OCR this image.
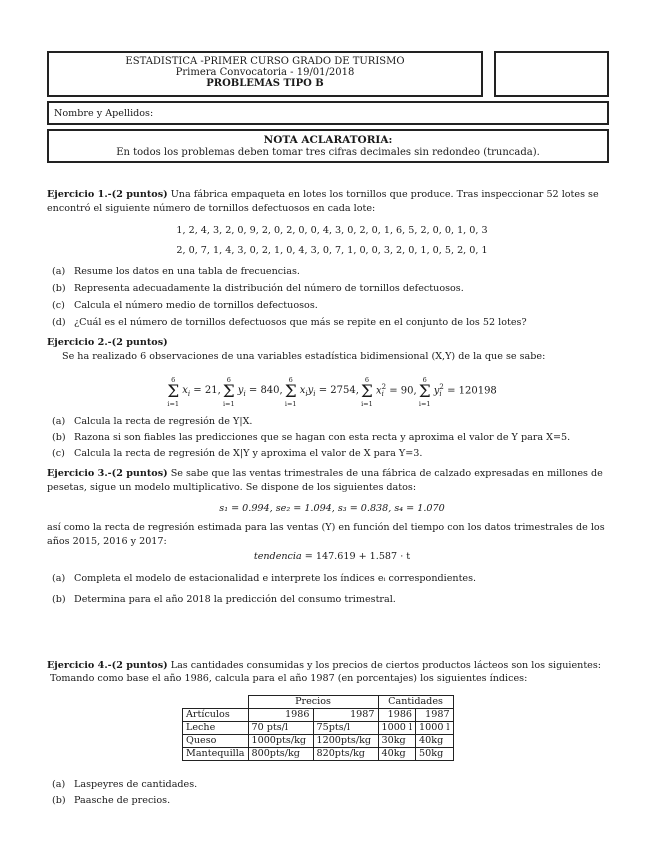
ESTADISTICA -PRIMER CURSO GRADO DE TURISMO
Primera Convocatoria - 19/01/2018
PROBLEMAS TIPO B
Nombre y Apellidos:
NOTA ACLARATORIA:
En todos los problemas deben tomar tres cifras decimales sin redondeo (truncada).
Ejercicio 1.-(2 puntos) Una fábrica empaqueta en lotes los tornillos que produce. Tras inspeccionar 52 lotes se
encontró el siguiente número de tornillos defectuosos en cada lote:
1, 2, 4, 3, 2, 0, 9, 2, 0, 2, 0, 0, 4, 3, 0, 2, 0, 1, 6, 5, 2, 0, 0, 1, 0, 3
2, 0, 7, 1, 4, 3, 0, 2, 1, 0, 4, 3, 0, 7, 1, 0, 0, 3, 2, 0, 1, 0, 5, 2, 0, 1
(a) Resume los datos en una tabla de frecuencias.
(b) Representa adecuadamente la distribución del número de tornillos defectuosos.
(c) Calcula el número medio de tornillos defectuosos.
(d) ¿Cuál es el número de tornillos defectuosos que más se repite en el conjunto de los 52 lotes?
Ejercicio 2.-(2 puntos)
Se ha realizado 6 observaciones de una variables estadística bidimensional (X,Y) de la que se sabe:
6
Σ
i=1
$x_i = 21$,
6
Σ
i=1
$y_i = 840$,
6
Σ
i=1
$x_iy_i = 2754$,
6
Σ
i=1
x 2
i = 90,
6
Σ
i=1
y 2
i = 120198
(a) Calcula la recta de regresión de Y|X.
(b) Razona si son fiables las predicciones que se hagan con esta recta y aproxima el valor de Y para X=5.
(c) Calcula la recta de regresión de X|Y y aproxima el valor de X para Y=3.
Ejercicio 3.-(2 puntos) Se sabe que las ventas trimestrales de una fábrica de calzado expresadas en millones de
pesetas, sigue un modelo multiplicativo. Se dispone de los siguientes datos:
s₁ = 0.994, se₂ = 1.094, s₃ = 0.838, s₄ = 1.070
así como la recta de regresión estimada para las ventas (Y) en función del tiempo con los datos trimestrales de los
años 2015, 2016 y 2017:
tendencia = 147.619 + 1.587 · t
(a) Completa el modelo de estacionalidad e interprete los índices eᵢ correspondientes.
(b) Determina para el año 2018 la predicción del consumo trimestral.
Ejercicio 4.-(2 puntos) Las cantidades consumidas y los precios de ciertos productos lácteos son los siguientes:
Tomando como base el año 1986, calcula para el año 1987 (en porcentajes) los siguientes índices:
	Precios		Cantidades	
Artículos	1986	1987	1986	1987
Leche	70 pts/l	75pts/l	1000 l	1000 l
Queso	1000pts/kg	1200pts/kg	30kg	40kg
Mantequilla	800pts/kg	820pts/kg	40kg	50kg
(a) Laspeyres de cantidades.
(b) Paasche de precios.
